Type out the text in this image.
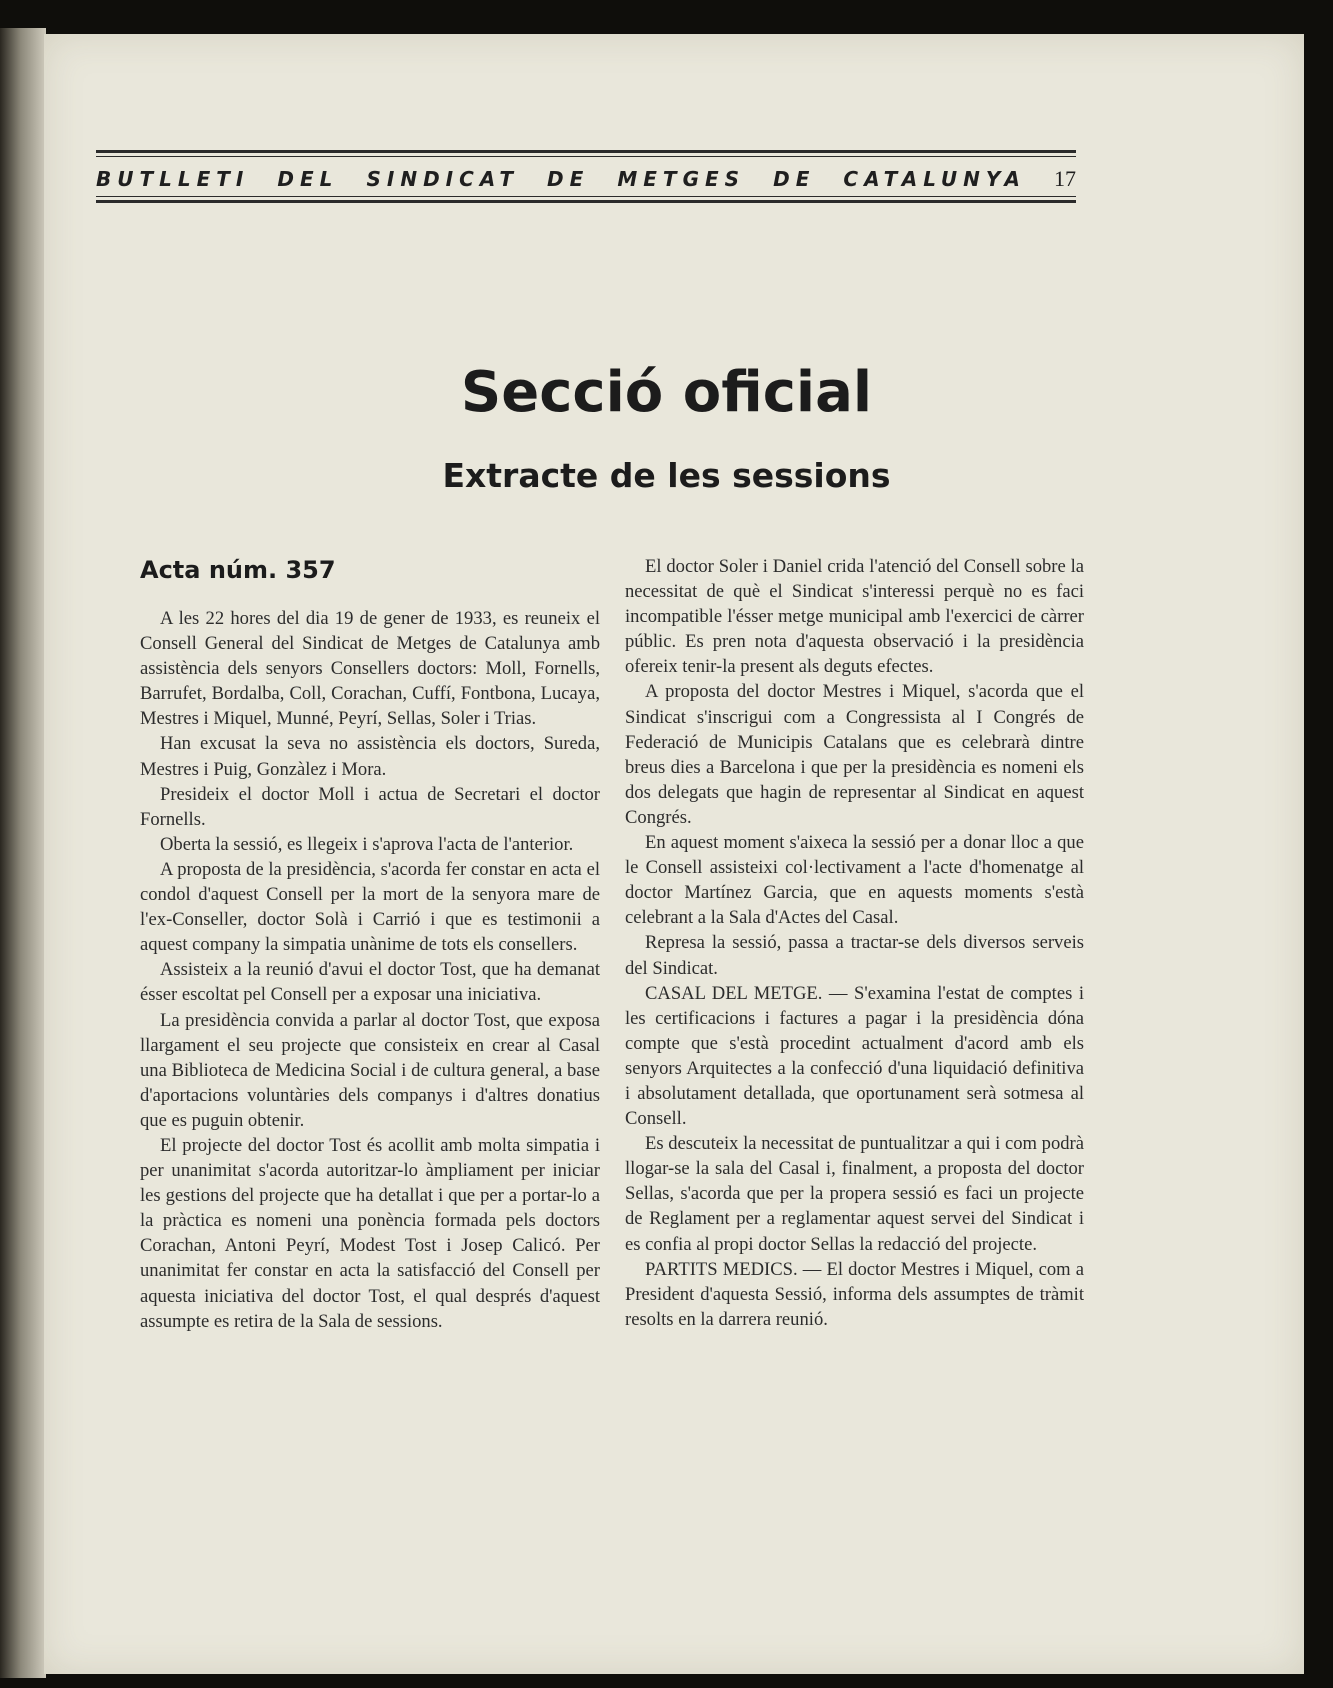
BUTLLETI DEL SINDICAT DE METGES DE CATALUNYA 17
Secció oficial
Extracte de les sessions
Acta núm. 357

A les 22 hores del dia 19 de gener de 1933, es reuneix el Consell General del Sindicat de Metges de Catalunya amb assistència dels senyors Consellers doctors: Moll, Fornells, Barrufet, Bordalba, Coll, Corachan, Cuffí, Fontbona, Lucaya, Mestres i Miquel, Munné, Peyrí, Sellas, Soler i Trias.

Han excusat la seva no assistència els doctors, Sureda, Mestres i Puig, Gonzàlez i Mora.

Presideix el doctor Moll i actua de Secretari el doctor Fornells.

Oberta la sessió, es llegeix i s'aprova l'acta de l'anterior.

A proposta de la presidència, s'acorda fer constar en acta el condol d'aquest Consell per la mort de la senyora mare de l'ex-Conseller, doctor Solà i Carrió i que es testimonii a aquest company la simpatia unànime de tots els consellers.

Assisteix a la reunió d'avui el doctor Tost, que ha demanat ésser escoltat pel Consell per a exposar una iniciativa.

La presidència convida a parlar al doctor Tost, que exposa llargament el seu projecte que consisteix en crear al Casal una Biblioteca de Medicina Social i de cultura general, a base d'aportacions voluntàries dels companys i d'altres donatius que es puguin obtenir.

El projecte del doctor Tost és acollit amb molta simpatia i per unanimitat s'acorda autoritzar-lo àmpliament per iniciar les gestions del projecte que ha detallat i que per a portar-lo a la pràctica es nomeni una ponència formada pels doctors Corachan, Antoni Peyrí, Modest Tost i Josep Calicó. Per unanimitat fer constar en acta la satisfacció del Consell per aquesta iniciativa del doctor Tost, el qual després d'aquest assumpte es retira de la Sala de sessions.

El doctor Soler i Daniel crida l'atenció del Consell sobre la necessitat de què el Sindicat s'interessi perquè no es faci incompatible l'ésser metge municipal amb l'exercici de càrrer públic. Es pren nota d'aquesta observació i la presidència ofereix tenir-la present als deguts efectes.

A proposta del doctor Mestres i Miquel, s'acorda que el Sindicat s'inscrigui com a Congressista al I Congrés de Federació de Municipis Catalans que es celebrarà dintre breus dies a Barcelona i que per la presidència es nomeni els dos delegats que hagin de representar al Sindicat en aquest Congrés.

En aquest moment s'aixeca la sessió per a donar lloc a que le Consell assisteixi col·lectivament a l'acte d'homenatge al doctor Martínez Garcia, que en aquests moments s'està celebrant a la Sala d'Actes del Casal.

Represa la sessió, passa a tractar-se dels diversos serveis del Sindicat.

CASAL DEL METGE. — S'examina l'estat de comptes i les certificacions i factures a pagar i la presidència dóna compte que s'està procedint actualment d'acord amb els senyors Arquitectes a la confecció d'una liquidació definitiva i absolutament detallada, que oportunament serà sotmesa al Consell.

Es descuteix la necessitat de puntualitzar a qui i com podrà llogar-se la sala del Casal i, finalment, a proposta del doctor Sellas, s'acorda que per la propera sessió es faci un projecte de Reglament per a reglamentar aquest servei del Sindicat i es confia al propi doctor Sellas la redacció del projecte.

PARTITS MEDICS. — El doctor Mestres i Miquel, com a President d'aquesta Sessió, informa dels assumptes de tràmit resolts en la darrera reunió.
